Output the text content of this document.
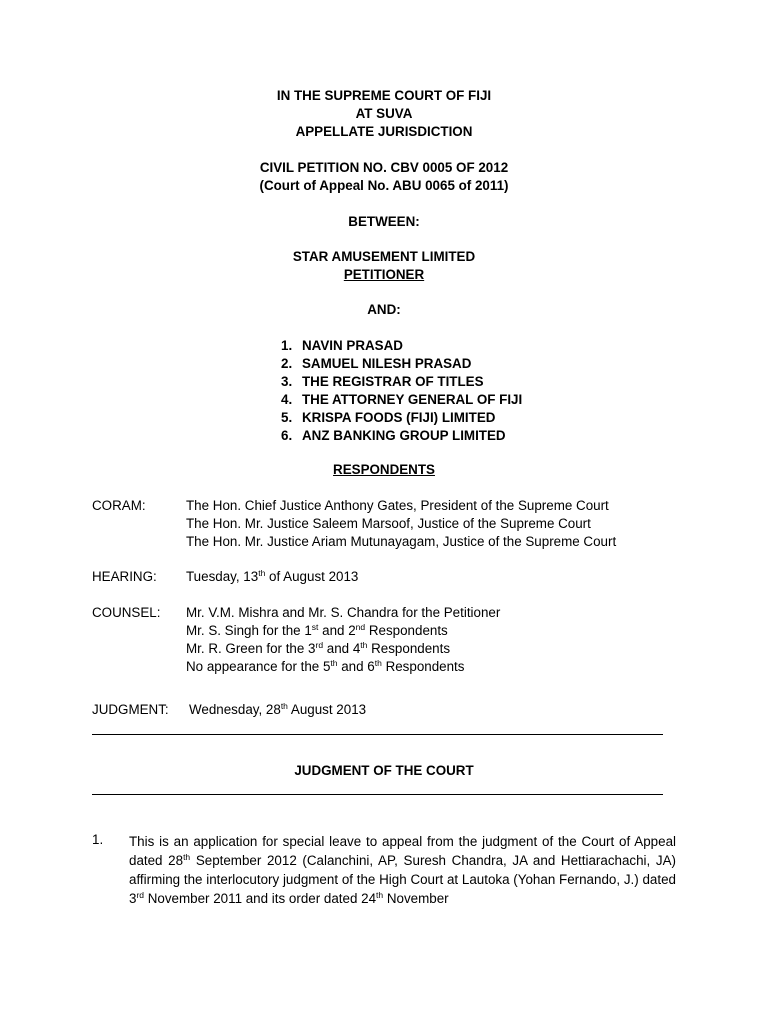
IN THE SUPREME COURT OF FIJI
AT SUVA
APPELLATE JURISDICTION
CIVIL PETITION NO. CBV 0005 OF 2012
(Court of Appeal No. ABU 0065 of 2011)
BETWEEN:
STAR AMUSEMENT LIMITED
PETITIONER
AND:
1. NAVIN PRASAD
2. SAMUEL NILESH PRASAD
3. THE REGISTRAR OF TITLES
4. THE ATTORNEY GENERAL OF FIJI
5. KRISPA FOODS (FIJI) LIMITED
6. ANZ BANKING GROUP LIMITED
RESPONDENTS
CORAM:	The Hon. Chief Justice Anthony Gates, President of the Supreme Court
The Hon. Mr. Justice Saleem Marsoof, Justice of the Supreme Court
The Hon. Mr. Justice Ariam Mutunayagam, Justice of the Supreme Court
HEARING: Tuesday, 13th of August 2013
COUNSEL: Mr. V.M. Mishra and Mr. S. Chandra for the Petitioner
Mr. S. Singh for the 1st and 2nd Respondents
Mr. R. Green for the 3rd and 4th Respondents
No appearance for the 5th and 6th Respondents
JUDGMENT: Wednesday, 28th August 2013
JUDGMENT OF THE COURT
1. This is an application for special leave to appeal from the judgment of the Court of Appeal dated 28th September 2012 (Calanchini, AP, Suresh Chandra, JA and Hettiarachachi, JA) affirming the interlocutory judgment of the High Court at Lautoka (Yohan Fernando, J.) dated 3rd November 2011 and its order dated 24th November
